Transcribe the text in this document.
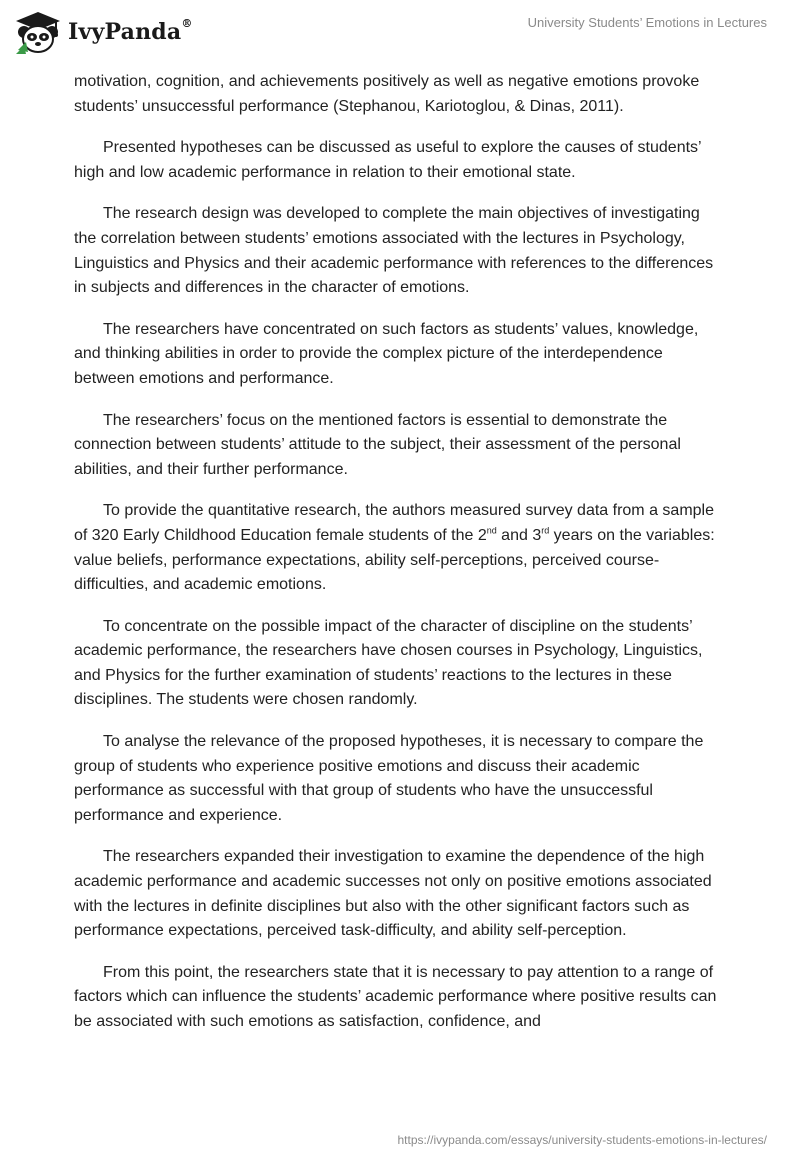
IvyPanda®	University Students’ Emotions in Lectures

motivation, cognition, and achievements positively as well as negative emotions provoke students’ unsuccessful performance (Stephanou, Kariotoglou, & Dinas, 2011).

Presented hypotheses can be discussed as useful to explore the causes of students’ high and low academic performance in relation to their emotional state.

The research design was developed to complete the main objectives of investigating the correlation between students’ emotions associated with the lectures in Psychology, Linguistics and Physics and their academic performance with references to the differences in subjects and differences in the character of emotions.

The researchers have concentrated on such factors as students’ values, knowledge, and thinking abilities in order to provide the complex picture of the interdependence between emotions and performance.

The researchers’ focus on the mentioned factors is essential to demonstrate the connection between students’ attitude to the subject, their assessment of the personal abilities, and their further performance.

To provide the quantitative research, the authors measured survey data from a sample of 320 Early Childhood Education female students of the 2nd and 3rd years on the variables: value beliefs, performance expectations, ability self-perceptions, perceived course-difficulties, and academic emotions.

To concentrate on the possible impact of the character of discipline on the students’ academic performance, the researchers have chosen courses in Psychology, Linguistics, and Physics for the further examination of students’ reactions to the lectures in these disciplines. The students were chosen randomly.

To analyse the relevance of the proposed hypotheses, it is necessary to compare the group of students who experience positive emotions and discuss their academic performance as successful with that group of students who have the unsuccessful performance and experience.

The researchers expanded their investigation to examine the dependence of the high academic performance and academic successes not only on positive emotions associated with the lectures in definite disciplines but also with the other significant factors such as performance expectations, perceived task-difficulty, and ability self-perception.

From this point, the researchers state that it is necessary to pay attention to a range of factors which can influence the students’ academic performance where positive results can be associated with such emotions as satisfaction, confidence, and

https://ivypanda.com/essays/university-students-emotions-in-lectures/
